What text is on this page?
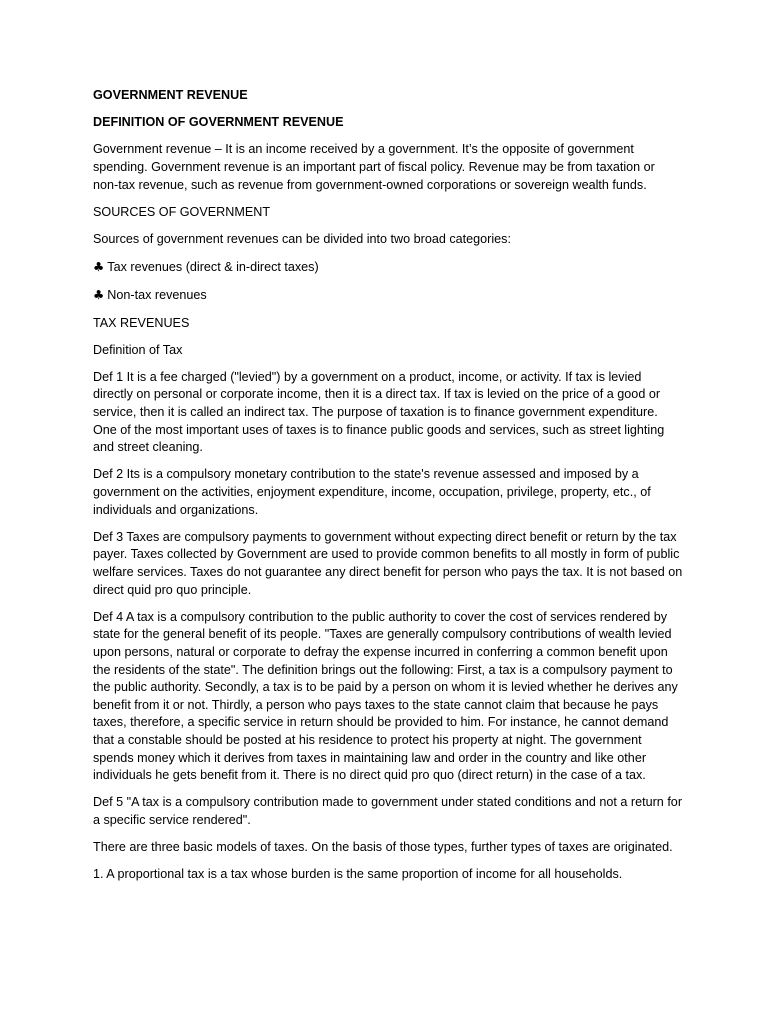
GOVERNMENT REVENUE

DEFINITION OF GOVERNMENT REVENUE

Government revenue – It is an income received by a government. It’s the opposite of government spending. Government revenue is an important part of fiscal policy. Revenue may be from taxation or non-tax revenue, such as revenue from government-owned corporations or sovereign wealth funds.

SOURCES OF GOVERNMENT

Sources of government revenues can be divided into two broad categories:

♣ Tax revenues (direct & in-direct taxes)

♣ Non-tax revenues

TAX REVENUES

Definition of Tax

Def 1 It is a fee charged ("levied") by a government on a product, income, or activity. If tax is levied directly on personal or corporate income, then it is a direct tax. If tax is levied on the price of a good or service, then it is called an indirect tax. The purpose of taxation is to finance government expenditure. One of the most important uses of taxes is to finance public goods and services, such as street lighting and street cleaning.

Def 2 Its is a compulsory monetary contribution to the state's revenue assessed and imposed by a government on the activities, enjoyment expenditure, income, occupation, privilege, property, etc., of individuals and organizations.

Def 3 Taxes are compulsory payments to government without expecting direct benefit or return by the tax payer. Taxes collected by Government are used to provide common benefits to all mostly in form of public welfare services. Taxes do not guarantee any direct benefit for person who pays the tax. It is not based on direct quid pro quo principle.

Def 4 A tax is a compulsory contribution to the public authority to cover the cost of services rendered by state for the general benefit of its people. "Taxes are generally compulsory contributions of wealth levied upon persons, natural or corporate to defray the expense incurred in conferring a common benefit upon the residents of the state". The definition brings out the following: First, a tax is a compulsory payment to the public authority. Secondly, a tax is to be paid by a person on whom it is levied whether he derives any benefit from it or not. Thirdly, a person who pays taxes to the state cannot claim that because he pays taxes, therefore, a specific service in return should be provided to him. For instance, he cannot demand that a constable should be posted at his residence to protect his property at night. The government spends money which it derives from taxes in maintaining law and order in the country and like other individuals he gets benefit from it. There is no direct quid pro quo (direct return) in the case of a tax.

Def 5 "A tax is a compulsory contribution made to government under stated conditions and not a return for a specific service rendered".

There are three basic models of taxes. On the basis of those types, further types of taxes are originated.

1. A proportional tax is a tax whose burden is the same proportion of income for all households.
